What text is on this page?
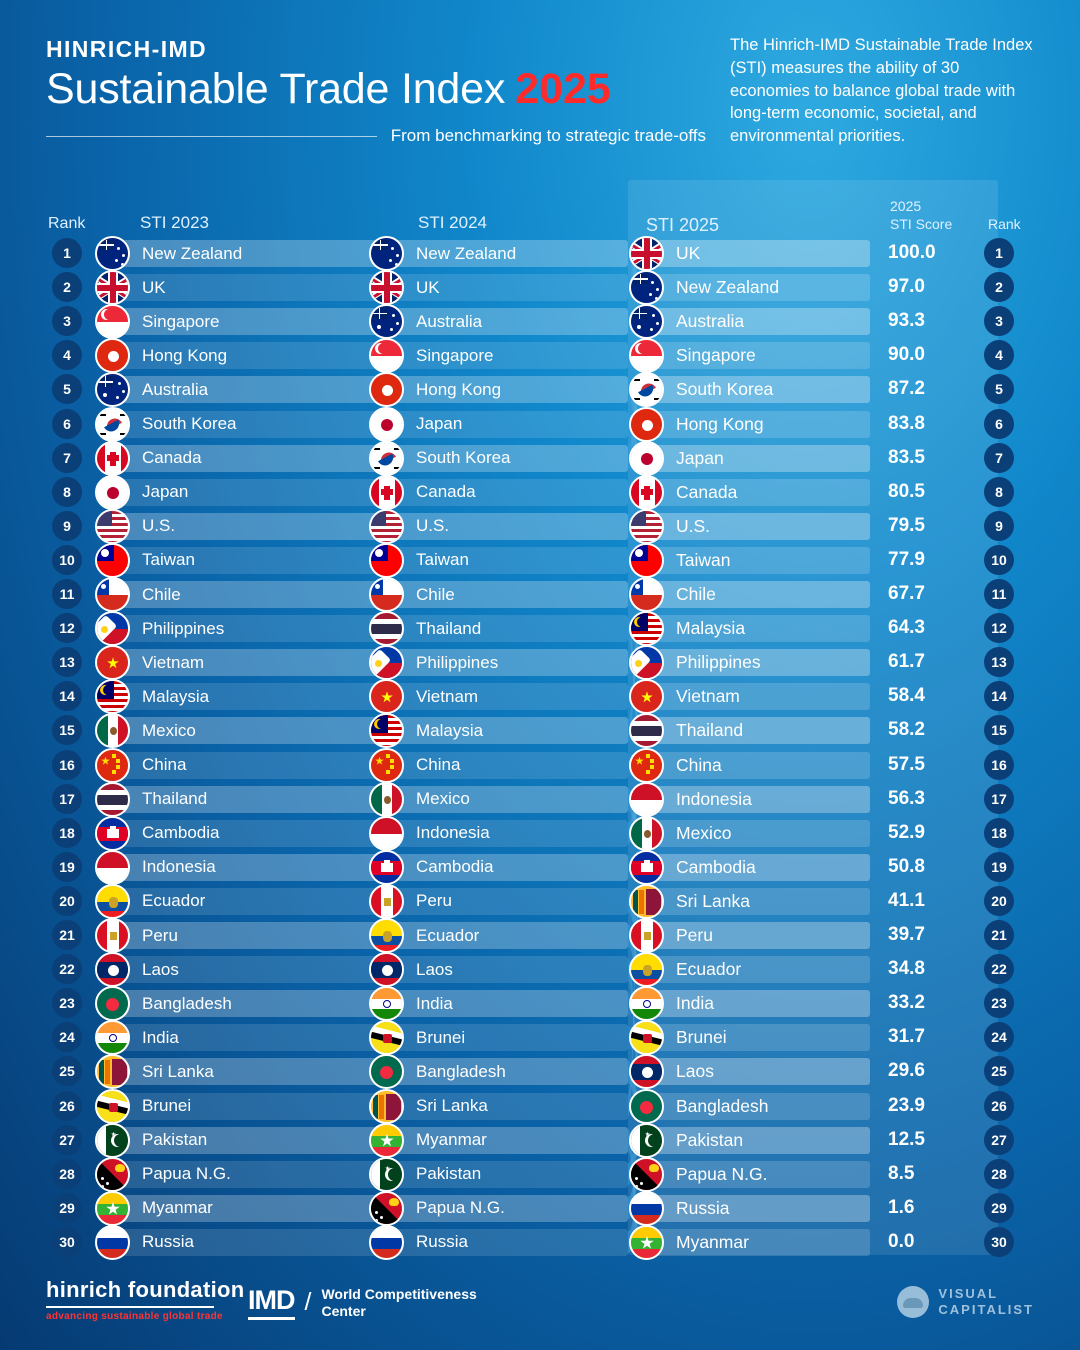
HINRICH-IMD
Sustainable Trade Index 2025
From benchmarking to strategic trade-offs
The Hinrich-IMD Sustainable Trade Index (STI) measures the ability of 30 economies to balance global trade with long-term economic, societal, and environmental priorities.
Rank	STI 2023	STI 2024	STI 2025
2025
STI Score	Rank
1	New Zealand	New Zealand	UK	100.0	1
2	UK	UK	New Zealand	97.0	2
3	Singapore	Australia	Australia	93.3	3
4	Hong Kong	Singapore	Singapore	90.0	4
5	Australia	Hong Kong	South Korea	87.2	5
6	South Korea	Japan	Hong Kong	83.8	6
7	Canada	South Korea	Japan	83.5	7
8	Japan	Canada	Canada	80.5	8
9	U.S.	U.S.	U.S.	79.5	9
10	Taiwan	Taiwan	Taiwan	77.9	10
11	Chile	Chile	Chile	67.7	11
12	Philippines	Thailand	Malaysia	64.3	12
13	Vietnam	Philippines	Philippines	61.7	13
14	Malaysia	Vietnam	Vietnam	58.4	14
15	Mexico	Malaysia	Thailand	58.2	15
16	China	China	China	57.5	16
17	Thailand	Mexico	Indonesia	56.3	17
18	Cambodia	Indonesia	Mexico	52.9	18
19	Indonesia	Cambodia	Cambodia	50.8	19
20	Ecuador	Peru	Sri Lanka	41.1	20
21	Peru	Ecuador	Peru	39.7	21
22	Laos	Laos	Ecuador	34.8	22
23	Bangladesh	India	India	33.2	23
24	India	Brunei	Brunei	31.7	24
25	Sri Lanka	Bangladesh	Laos	29.6	25
26	Brunei	Sri Lanka	Bangladesh	23.9	26
27	Pakistan	Myanmar	Pakistan	12.5	27
28	Papua N.G.	Pakistan	Papua N.G.	8.5	28
29	Myanmar	Papua N.G.	Russia	1.6	29
30	Russia	Russia	Myanmar	0.0	30
hinrich foundation
advancing sustainable global trade
IMD / World Competitiveness
Center
VISUAL
CAPITALIST
